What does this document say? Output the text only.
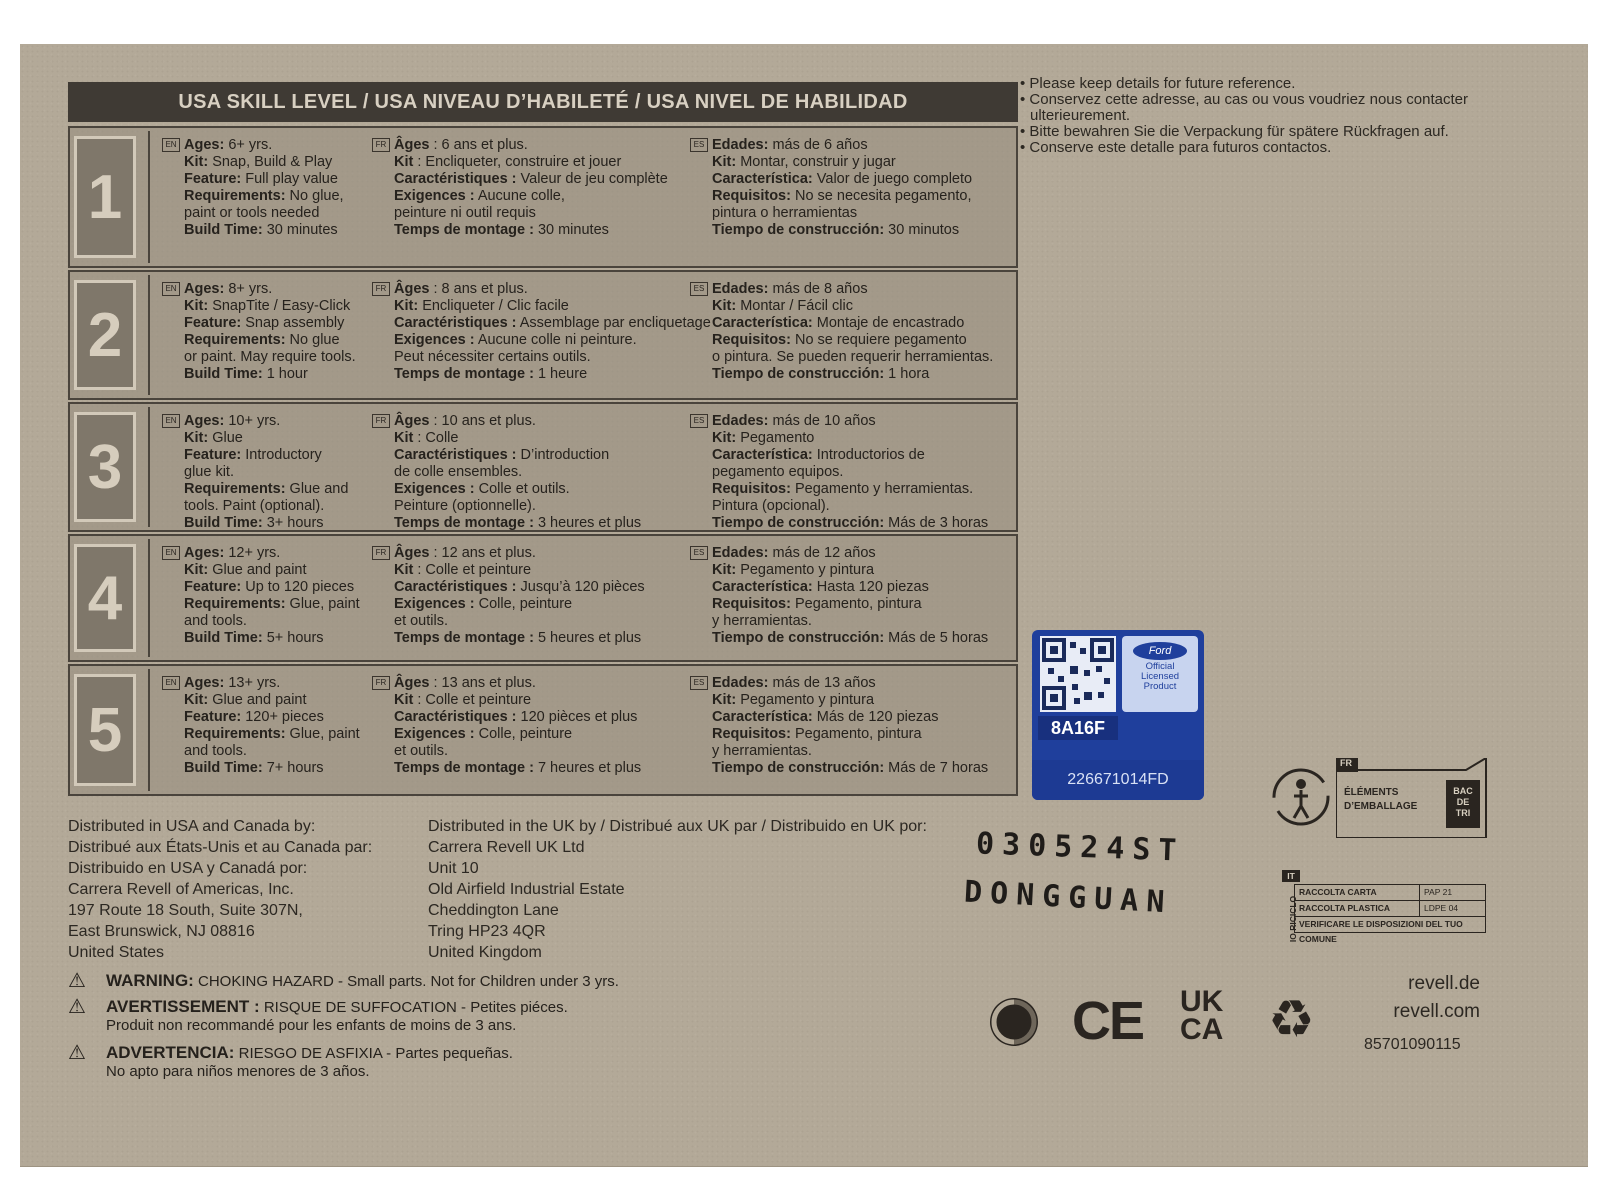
USA SKILL LEVEL / USA NIVEAU D’HABILETÉ / USA NIVEL DE HABILIDAD
1
EN Ages: 6+ yrs.
Kit: Snap, Build & Play
Feature: Full play value
Requirements: No glue,
paint or tools needed
Build Time: 30 minutes
FR Âges : 6 ans et plus.
Kit : Encliqueter, construire et jouer
Caractéristiques : Valeur de jeu complète
Exigences : Aucune colle,
peinture ni outil requis
Temps de montage : 30 minutes
ES Edades: más de 6 años
Kit: Montar, construir y jugar
Característica: Valor de juego completo
Requisitos: No se necesita pegamento,
pintura o herramientas
Tiempo de construcción: 30 minutos
2
EN Ages: 8+ yrs.
Kit: SnapTite / Easy-Click
Feature: Snap assembly
Requirements: No glue
or paint. May require tools.
Build Time: 1 hour
FR Âges : 8 ans et plus.
Kit: Encliqueter / Clic facile
Caractéristiques : Assemblage par encliquetage
Exigences : Aucune colle ni peinture.
Peut nécessiter certains outils.
Temps de montage : 1 heure
ES Edades: más de 8 años
Kit: Montar / Fácil clic
Característica: Montaje de encastrado
Requisitos: No se requiere pegamento
o pintura. Se pueden requerir herramientas.
Tiempo de construcción: 1 hora
3
EN Ages: 10+ yrs.
Kit: Glue
Feature: Introductory
glue kit.
Requirements: Glue and
tools. Paint (optional).
Build Time: 3+ hours
FR Âges : 10 ans et plus.
Kit : Colle
Caractéristiques : D’introduction
de colle ensembles.
Exigences : Colle et outils.
Peinture (optionnelle).
Temps de montage : 3 heures et plus
ES Edades: más de 10 años
Kit: Pegamento
Característica: Introductorios de
pegamento equipos.
Requisitos: Pegamento y herramientas.
Pintura (opcional).
Tiempo de construcción: Más de 3 horas
4
EN Ages: 12+ yrs.
Kit: Glue and paint
Feature: Up to 120 pieces
Requirements: Glue, paint
and tools.
Build Time: 5+ hours
FR Âges : 12 ans et plus.
Kit : Colle et peinture
Caractéristiques : Jusqu’à 120 pièces
Exigences : Colle, peinture
et outils.
Temps de montage : 5 heures et plus
ES Edades: más de 12 años
Kit: Pegamento y pintura
Característica: Hasta 120 piezas
Requisitos: Pegamento, pintura
y herramientas.
Tiempo de construcción: Más de 5 horas
5
EN Ages: 13+ yrs.
Kit: Glue and paint
Feature: 120+ pieces
Requirements: Glue, paint
and tools.
Build Time: 7+ hours
FR Âges : 13 ans et plus.
Kit : Colle et peinture
Caractéristiques : 120 pièces et plus
Exigences : Colle, peinture
et outils.
Temps de montage : 7 heures et plus
ES Edades: más de 13 años
Kit: Pegamento y pintura
Característica: Más de 120 piezas
Requisitos: Pegamento, pintura
y herramientas.
Tiempo de construcción: Más de 7 horas
• Please keep details for future reference.
• Conservez cette adresse, au cas ou vous voudriez nous contacter
ulterieurement.
• Bitte bewahren Sie die Verpackung für spätere Rückfragen auf.
• Conserve este detalle para futuros contactos.
Distributed in USA and Canada by:
Distribué aux États-Unis et au Canada par:
Distribuido en USA y Canadá por:
Carrera Revell of Americas, Inc.
197 Route 18 South, Suite 307N,
East Brunswick, NJ 08816
United States
Distributed in the UK by / Distribué aux UK par / Distribuido en UK por:
Carrera Revell UK Ltd
Unit 10
Old Airfield Industrial Estate
Cheddington Lane
Tring HP23 4QR
United Kingdom
⚠ WARNING: CHOKING HAZARD - Small parts. Not for Children under 3 yrs.
⚠ AVERTISSEMENT : RISQUE DE SUFFOCATION - Petites piéces.
Produit non recommandé pour les enfants de moins de 3 ans.
⚠ ADVERTENCIA: RIESGO DE ASFIXIA - Partes pequeñas.
No apto para niños menores de 3 años.
030524ST
DONGGUAN
Ford
Official
Licensed
Product
8A16F
226671014FD
FR
ÉLÉMENTS
D’EMBALLAGE
BAC
DE
TRI
IT
IO RICICLO
RACCOLTA CARTA	PAP 21
RACCOLTA PLASTICA	LDPE 04
VERIFICARE LE DISPOSIZIONI DEL TUO COMUNE
CE UK
CA ♻
revell.de
revell.com
85701090115
